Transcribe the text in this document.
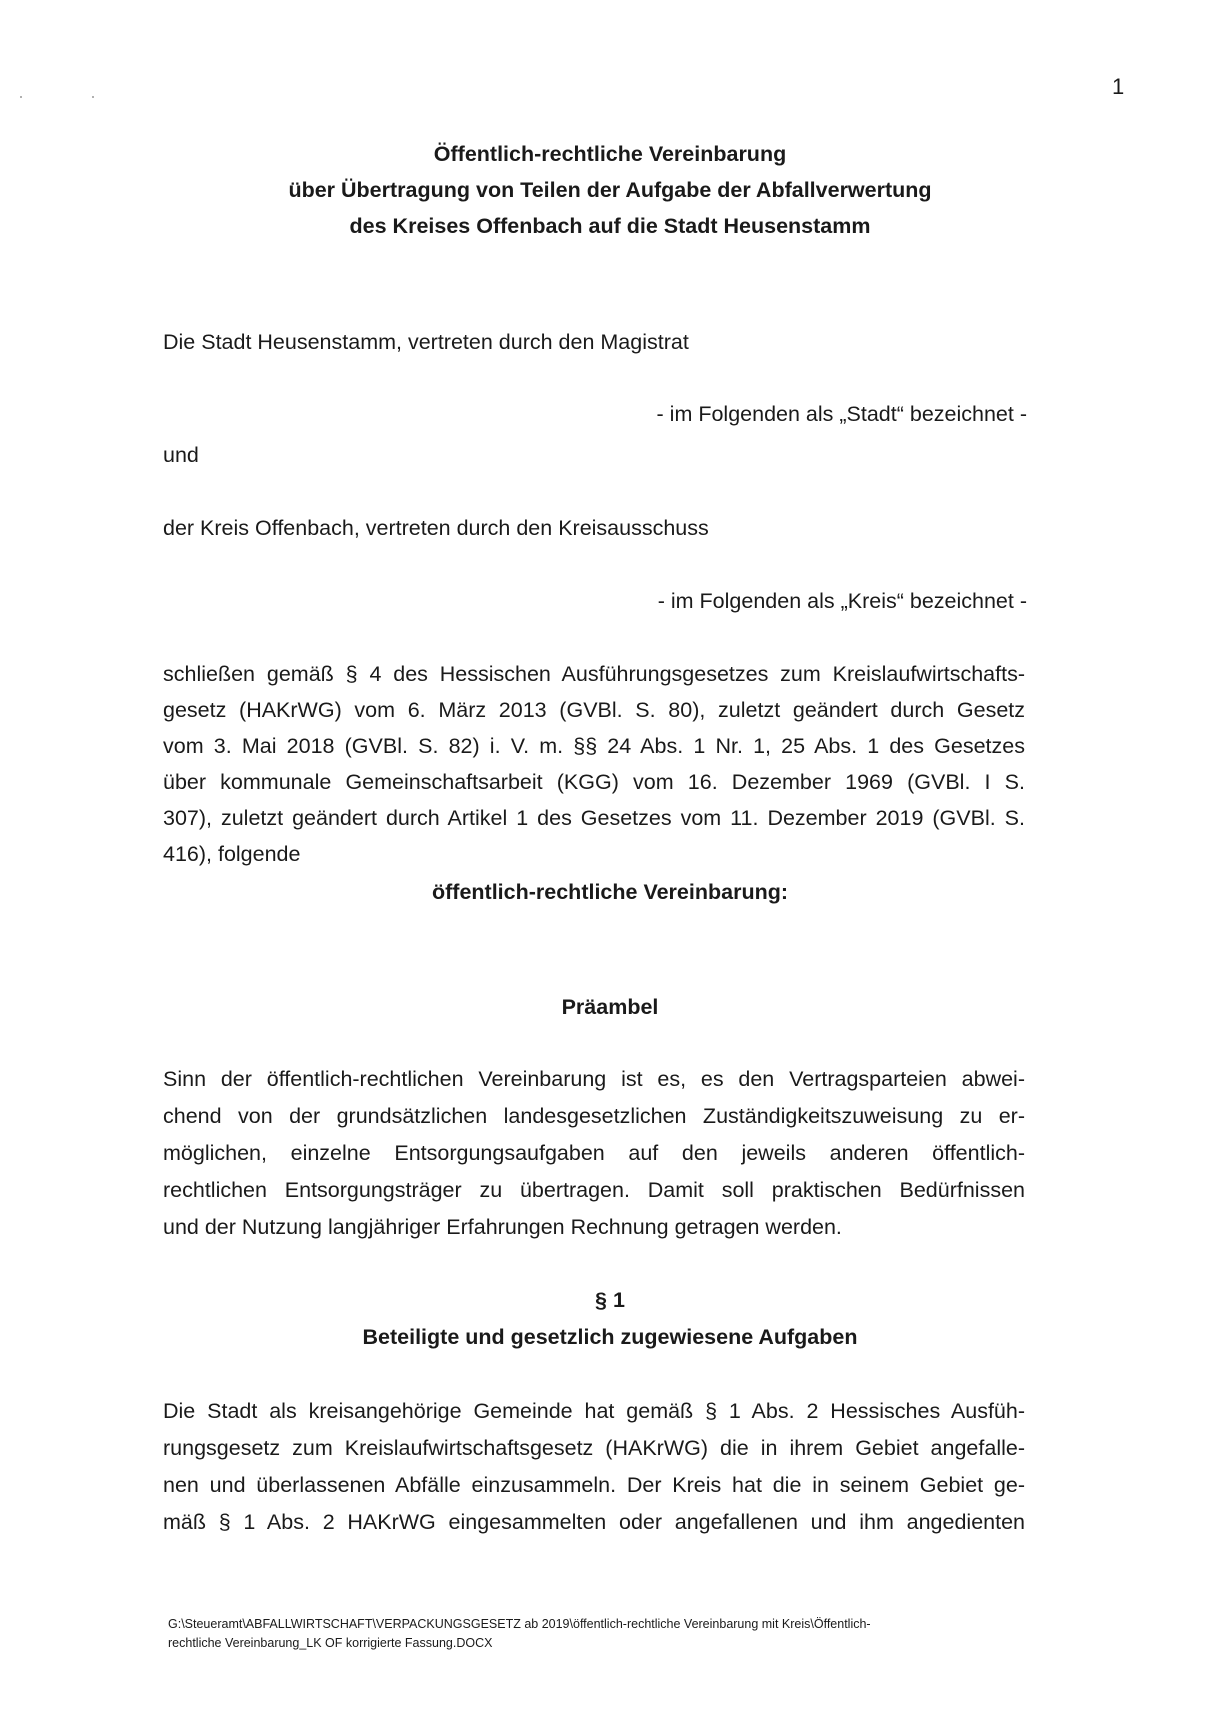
1
Öffentlich-rechtliche Vereinbarung
über Übertragung von Teilen der Aufgabe der Abfallverwertung
des Kreises Offenbach auf die Stadt Heusenstamm
Die Stadt Heusenstamm, vertreten durch den Magistrat
- im Folgenden als „Stadt“ bezeichnet -
und
der Kreis Offenbach, vertreten durch den Kreisausschuss
- im Folgenden als „Kreis“ bezeichnet -
schließen gemäß § 4 des Hessischen Ausführungsgesetzes zum Kreislaufwirtschafts-
gesetz (HAKrWG) vom 6. März 2013 (GVBl. S. 80), zuletzt geändert durch Gesetz
vom 3. Mai 2018 (GVBl. S. 82) i. V. m. §§ 24 Abs. 1 Nr. 1, 25 Abs. 1 des Gesetzes
über kommunale Gemeinschaftsarbeit (KGG) vom 16. Dezember 1969 (GVBl. I S.
307), zuletzt geändert durch Artikel 1 des Gesetzes vom 11. Dezember 2019 (GVBl. S.
416), folgende
öffentlich-rechtliche Vereinbarung:
Präambel
Sinn der öffentlich-rechtlichen Vereinbarung ist es, es den Vertragsparteien abwei-
chend von der grundsätzlichen landesgesetzlichen Zuständigkeitszuweisung zu er-
möglichen, einzelne Entsorgungsaufgaben auf den jeweils anderen öffentlich-
rechtlichen Entsorgungsträger zu übertragen. Damit soll praktischen Bedürfnissen
und der Nutzung langjähriger Erfahrungen Rechnung getragen werden.
§ 1
Beteiligte und gesetzlich zugewiesene Aufgaben
Die Stadt als kreisangehörige Gemeinde hat gemäß § 1 Abs. 2 Hessisches Ausfüh-
rungsgesetz zum Kreislaufwirtschaftsgesetz (HAKrWG) die in ihrem Gebiet angefalle-
nen und überlassenen Abfälle einzusammeln. Der Kreis hat die in seinem Gebiet ge-
mäß § 1 Abs. 2 HAKrWG eingesammelten oder angefallenen und ihm angedienten
G:\Steueramt\ABFALLWIRTSCHAFT\VERPACKUNGSGESETZ ab 2019\öffentlich-rechtliche Vereinbarung mit Kreis\Öffentlich-
rechtliche Vereinbarung_LK OF korrigierte Fassung.DOCX
